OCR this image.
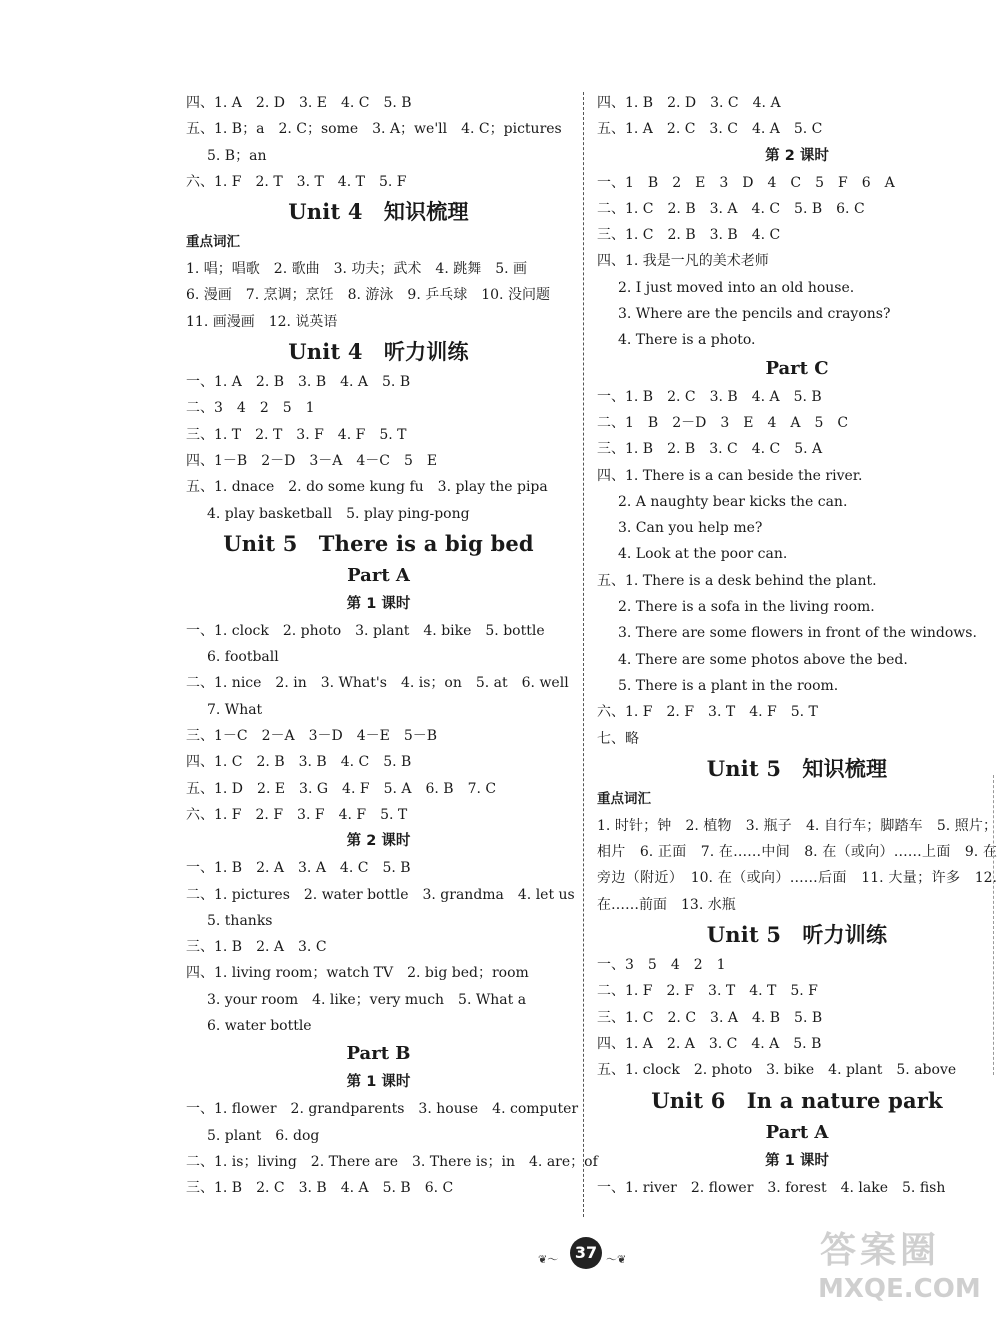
四、1. A　2. D　3. E　4. C　5. B
五、1. B；a　2. C；some　3. A；we'll　4. C；pictures
5. B；an
六、1. F　2. T　3. T　4. T　5. F
Unit 4　知识梳理
重点词汇
1. 唱；唱歌　2. 歌曲　3. 功夫；武术　4. 跳舞　5. 画
6. 漫画　7. 烹调；烹饪　8. 游泳　9. 乒乓球　10. 没问题
11. 画漫画　12. 说英语
Unit 4　听力训练
一、1. A　2. B　3. B　4. A　5. B
二、3　4　2　5　1
三、1. T　2. T　3. F　4. F　5. T
四、1－B　2－D　3－A　4－C　5　E
五、1. dnace　2. do some kung fu　3. play the pipa
4. play basketball　5. play ping-pong
Unit 5　There is a big bed
Part A
第 1 课时
一、1. clock　2. photo　3. plant　4. bike　5. bottle
6. football
二、1. nice　2. in　3. What's　4. is；on　5. at　6. well
7. What
三、1－C　2－A　3－D　4－E　5－B
四、1. C　2. B　3. B　4. C　5. B
五、1. D　2. E　3. G　4. F　5. A　6. B　7. C
六、1. F　2. F　3. F　4. F　5. T
第 2 课时
一、1. B　2. A　3. A　4. C　5. B
二、1. pictures　2. water bottle　3. grandma　4. let us
5. thanks
三、1. B　2. A　3. C
四、1. living room；watch TV　2. big bed；room
3. your room　4. like；very much　5. What a
6. water bottle
Part B
第 1 课时
一、1. flower　2. grandparents　3. house　4. computer
5. plant　6. dog
二、1. is；living　2. There are　3. There is；in　4. are；of
三、1. B　2. C　3. B　4. A　5. B　6. C
四、1. B　2. D　3. C　4. A
五、1. A　2. C　3. C　4. A　5. C
第 2 课时
一、1　B　2　E　3　D　4　C　5　F　6　A
二、1. C　2. B　3. A　4. C　5. B　6. C
三、1. C　2. B　3. B　4. C
四、1. 我是一凡的美术老师
2. I just moved into an old house.
3. Where are the pencils and crayons?
4. There is a photo.
Part C
一、1. B　2. C　3. B　4. A　5. B
二、1　B　2－D　3　E　4　A　5　C
三、1. B　2. B　3. C　4. C　5. A
四、1. There is a can beside the river.
2. A naughty bear kicks the can.
3. Can you help me?
4. Look at the poor can.
五、1. There is a desk behind the plant.
2. There is a sofa in the living room.
3. There are some flowers in front of the windows.
4. There are some photos above the bed.
5. There is a plant in the room.
六、1. F　2. F　3. T　4. F　5. T
七、略
Unit 5　知识梳理
重点词汇
1. 时针；钟　2. 植物　3. 瓶子　4. 自行车；脚踏车　5. 照片；相片　6. 正面　7. 在……中间　8. 在（或向）……上面　9. 在旁边（附近）　10. 在（或向）……后面　11. 大量；许多　12. 在……前面　13. 水瓶
Unit 5　听力训练
一、3　5　4　2　1
二、1. F　2. F　3. T　4. T　5. F
三、1. C　2. C　3. A　4. B　5. B
四、1. A　2. A　3. C　4. A　5. B
五、1. clock　2. photo　3. bike　4. plant　5. above
Unit 6　In a nature park
Part A
第 1 课时
一、1. river　2. flower　3. forest　4. lake　5. fish
❦～	37 ～❦	答案圈
MXQE.COM
